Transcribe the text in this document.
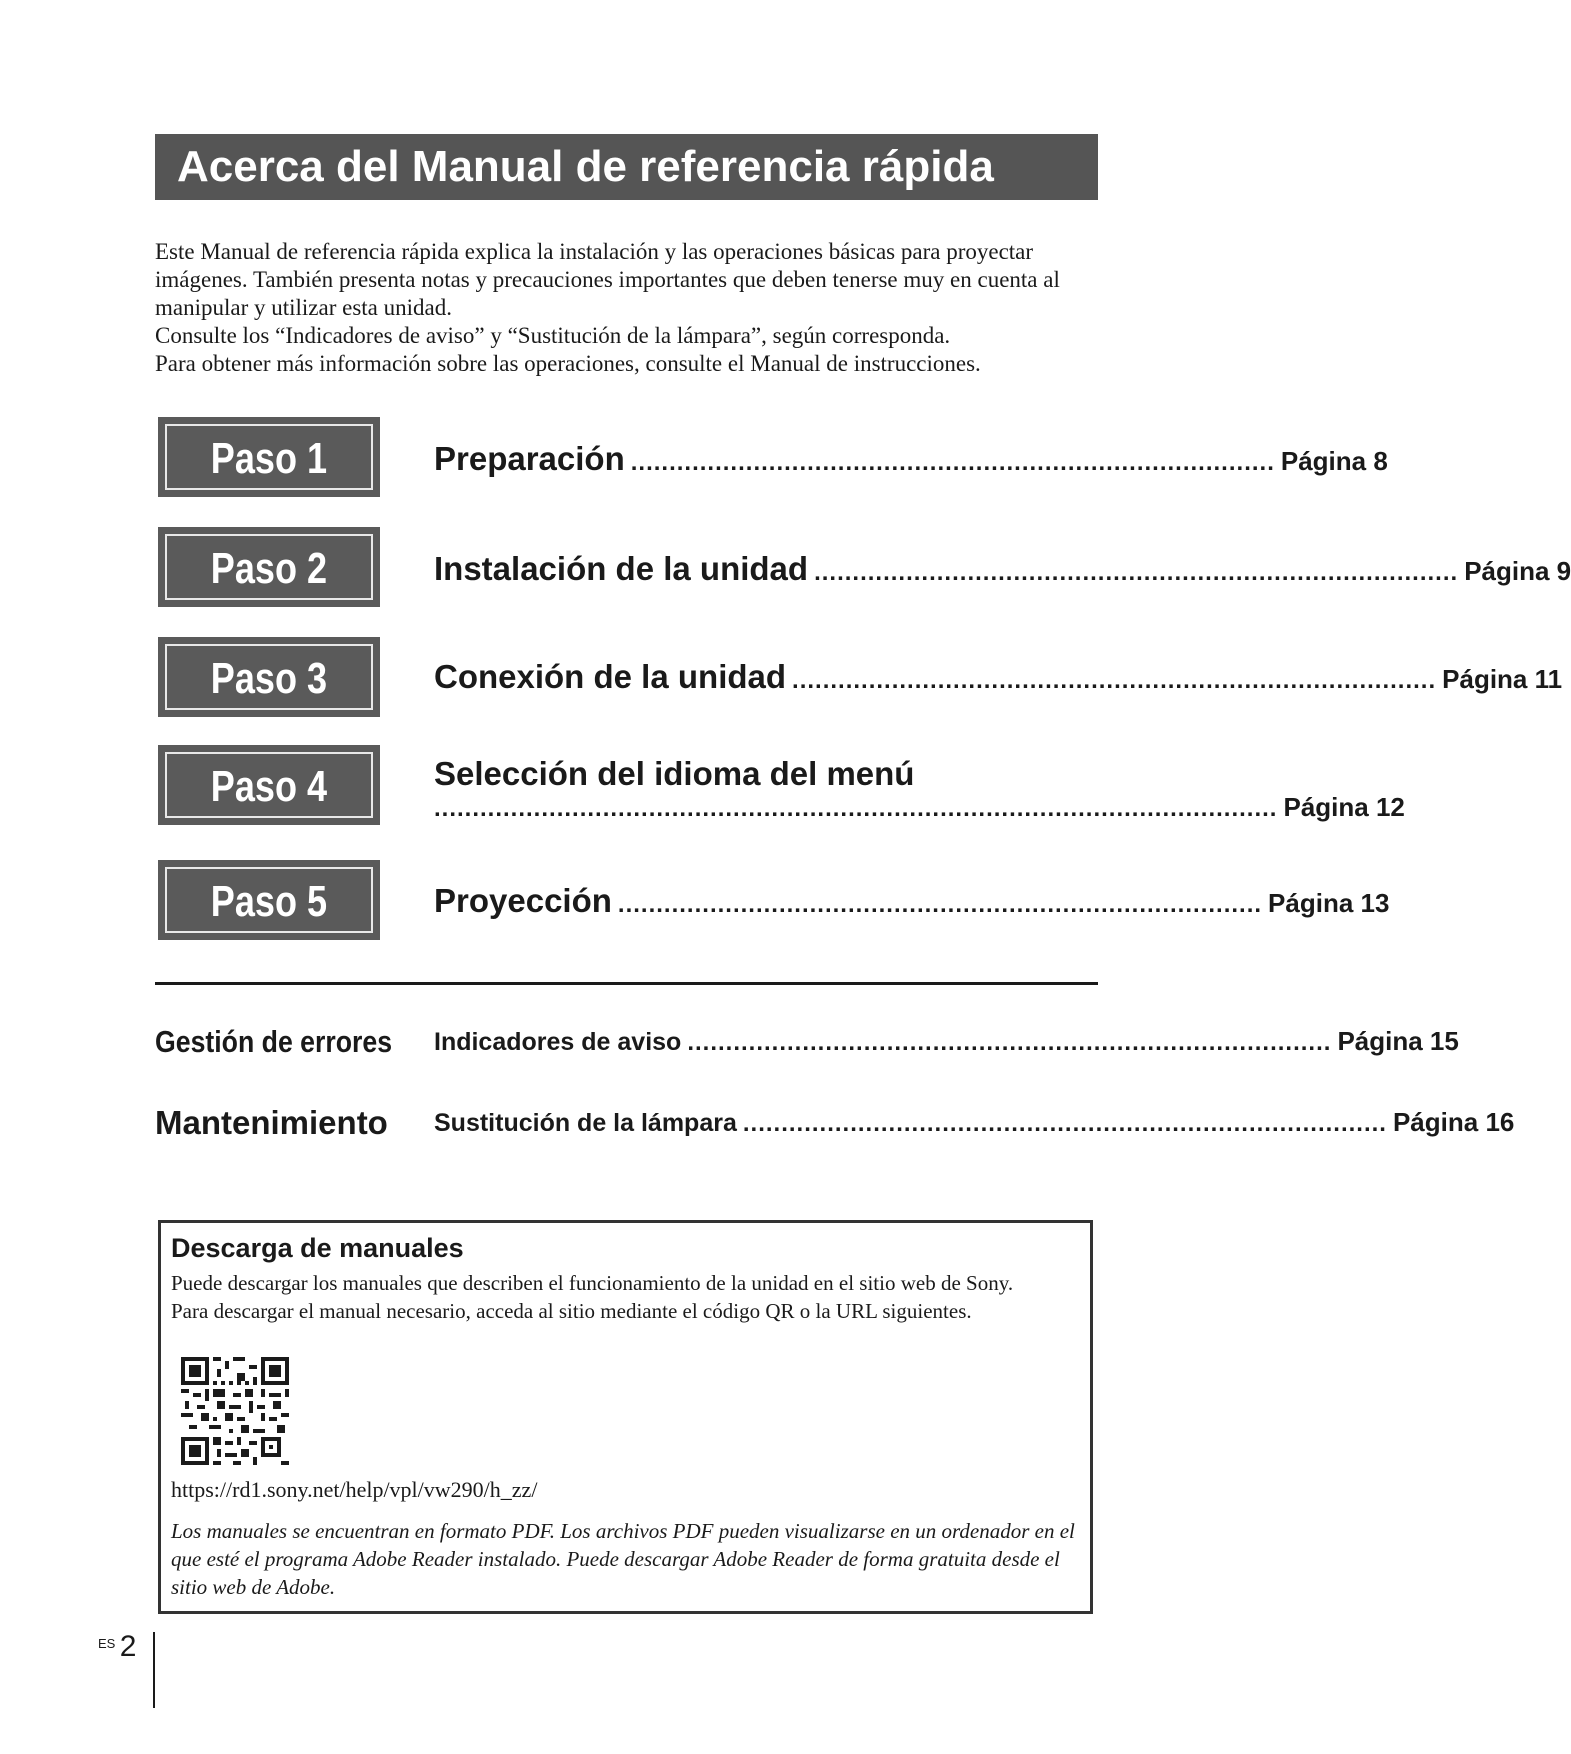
Acerca del Manual de referencia rápida

Este Manual de referencia rápida explica la instalación y las operaciones básicas para proyectar imágenes. También presenta notas y precauciones importantes que deben tenerse muy en cuenta al manipular y utilizar esta unidad.

Consulte los “Indicadores de aviso” y “Sustitución de la lámpara”, según corresponda.

Para obtener más información sobre las operaciones, consulte el Manual de instrucciones.

Paso 1
Paso 2
Paso 3
Paso 4
Paso 5
Preparación .................................................................................... Página 8
Instalación de la unidad .................................................................................... Página 9
Conexión de la unidad .................................................................................... Página 11
Selección del idioma del menú
.............................................................................................................. Página 12
Proyección .................................................................................... Página 13
Gestión de errores	Indicadores de aviso .................................................................................... Página 15
Mantenimiento Sustitución de la lámpara .................................................................................... Página 16
Descarga de manuales

Puede descargar los manuales que describen el funcionamiento de la unidad en el sitio web de Sony.

Para descargar el manual necesario, acceda al sitio mediante el código QR o la URL siguientes.

https://rd1.sony.net/help/vpl/vw290/h_zz/
Los manuales se encuentran en formato PDF. Los archivos PDF pueden visualizarse en un ordenador en el que esté el programa Adobe Reader instalado. Puede descargar Adobe Reader de forma gratuita desde el sitio web de Adobe.
$^{ES}$ 2
